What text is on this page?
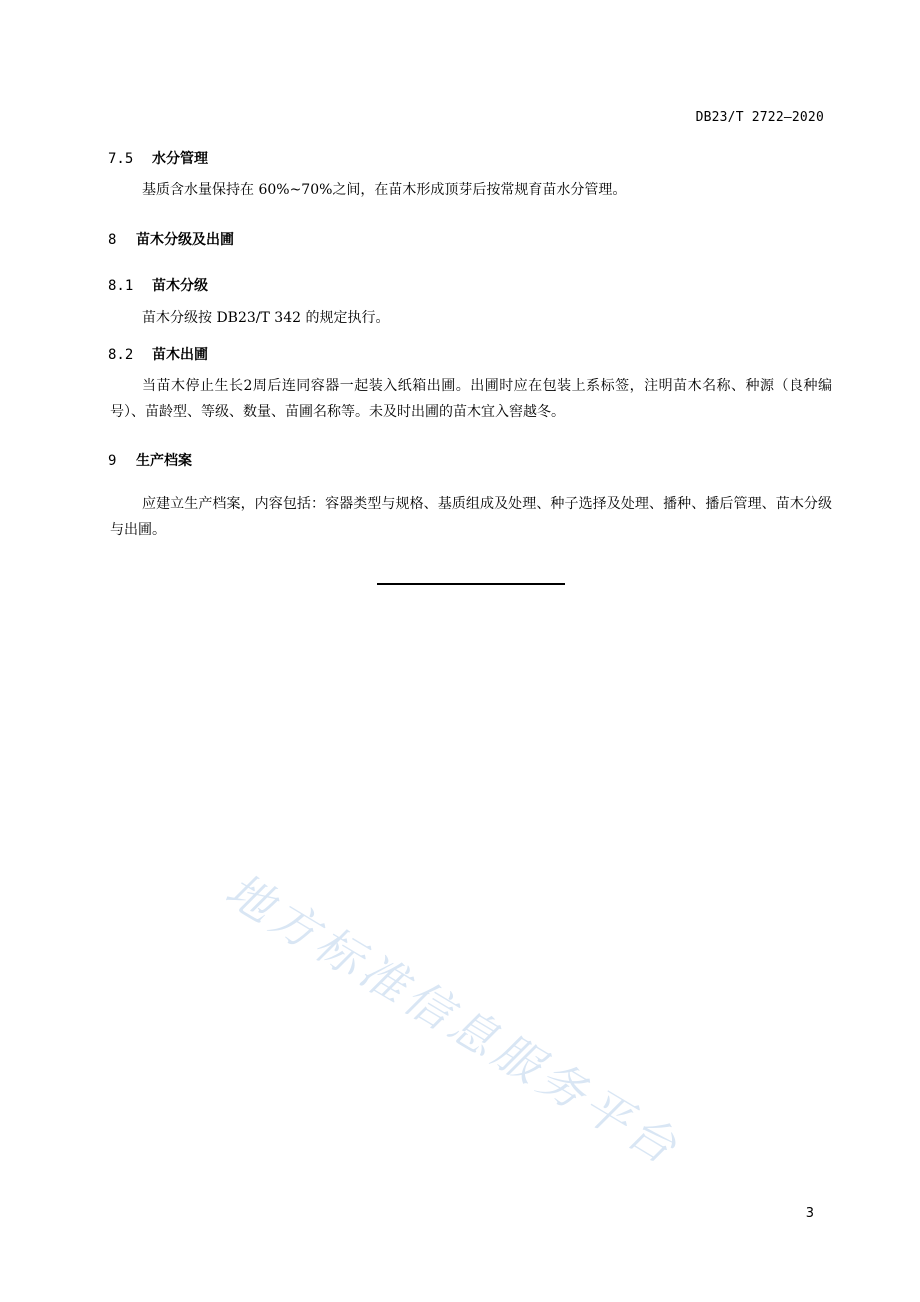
DB23/T 2722—2020
7.5 水分管理
基质含水量保持在 60%~70%之间，在苗木形成顶芽后按常规育苗水分管理。
8 苗木分级及出圃
8.1 苗木分级
苗木分级按 DB23/T 342 的规定执行。
8.2 苗木出圃
当苗木停止生长2周后连同容器一起装入纸箱出圃。出圃时应在包装上系标签，注明苗木名称、种源（良种编号）、苗龄型、等级、数量、苗圃名称等。未及时出圃的苗木宜入窖越冬。
9 生产档案
应建立生产档案，内容包括：容器类型与规格、基质组成及处理、种子选择及处理、播种、播后管理、苗木分级与出圃。
地方标准信息服务平台
3
